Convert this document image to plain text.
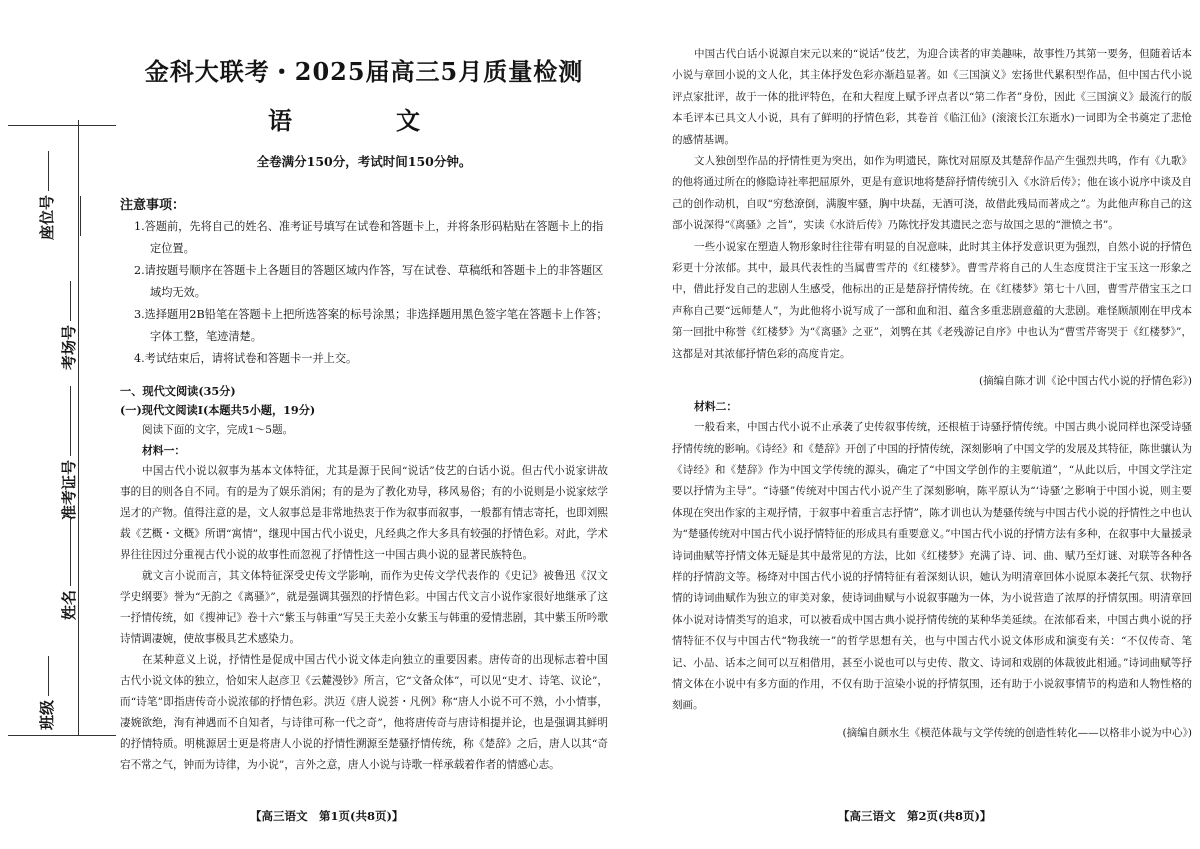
座位号
考场号
准考证号
姓名
班级
金科大联考・2025届高三5月质量检测
语　文
全卷满分150分，考试时间150分钟。
注意事项：

1.答题前，先将自己的姓名、准考证号填写在试卷和答题卡上，并将条形码粘贴在答题卡上的指定位置。

2.请按题号顺序在答题卡上各题目的答题区域内作答，写在试卷、草稿纸和答题卡上的非答题区域均无效。

3.选择题用2B铅笔在答题卡上把所选答案的标号涂黑；非选择题用黑色签字笔在答题卡上作答；字体工整，笔迹清楚。

4.考试结束后，请将试卷和答题卡一并上交。

一、现代文阅读(35分)

(一)现代文阅读Ⅰ(本题共5小题，19分)

阅读下面的文字，完成1～5题。

材料一：

中国古代小说以叙事为基本文体特征，尤其是源于民间“说话”伎艺的白话小说。但古代小说家讲故事的目的则各自不同。有的是为了娱乐消闲；有的是为了教化劝导，移风易俗；有的小说则是小说家炫学逞才的产物。值得注意的是，文人叙事总是非常地热衷于作为叙事而叙事，一般都有情志寄托，也即刘熙载《艺概・文概》所谓“寓情”，继现中国古代小说史，凡经典之作大多具有较强的抒情色彩。对此，学术界往往因过分重视古代小说的故事性而忽视了抒情性这一中国古典小说的显著民族特色。

就文言小说而言，其文体特征深受史传文学影响，而作为史传文学代表作的《史记》被鲁迅《汉文学史纲要》誉为“无韵之《离骚》”，就是强调其强烈的抒情色彩。中国古代文言小说作家很好地继承了这一抒情传统，如《搜神记》卷十六“紫玉与韩重”写吴王夫差小女紫玉与韩重的爱情悲剧，其中紫玉所吟歌诗情调凄婉，使故事极具艺术感染力。

在某种意义上说，抒情性是促成中国古代小说文体走向独立的重要因素。唐传奇的出现标志着中国古代小说文体的独立，恰如宋人赵彦卫《云麓漫钞》所言，它“文备众体”，可以见“史才、诗笔、议论”，而“诗笔”即指唐传奇小说浓郁的抒情色彩。洪迈《唐人说荟・凡例》称“唐人小说不可不熟，小小情事，凄婉欲绝，洵有神遇而不自知者，与诗律可称一代之奇”，他将唐传奇与唐诗相提并论，也是强调其鲜明的抒情特质。明桃源居士更是将唐人小说的抒情性溯源至楚骚抒情传统，称《楚辞》之后，唐人以其“奇宕不常之气，钟而为诗律，为小说”，言外之意，唐人小说与诗歌一样承载着作者的情感心志。

【高三语文　第1页(共8页)】

中国古代白话小说源自宋元以来的“说话”伎艺，为迎合读者的审美趣味，故事性乃其第一要务，但随着话本小说与章回小说的文人化，其主体抒发色彩亦渐趋显著。如《三国演义》宏扬世代累积型作品，但中国古代小说评点家批评，故于一体的批评特色，在和大程度上赋予评点者以“第二作者”身份，因此《三国演义》最流行的版本毛评本已具文人小说，具有了鲜明的抒情色彩，其卷首《临江仙》(滚滚长江东逝水)一词即为全书奠定了悲怆的感情基调。

文人独创型作品的抒情性更为突出，如作为明遗民，陈忱对屈原及其楚辞作品产生强烈共鸣，作有《九歌》的他将通过所在的修隐诗社率把屈原外，更是有意识地将楚辞抒情传统引入《水浒后传》；他在该小说序中谈及自己的创作动机，自叹“穷愁潦倒，满腹牢骚，胸中块磊，无酒可浇，故借此残局而著成之”。为此他声称自己的这部小说深得“《离骚》之旨”，实读《水浒后传》乃陈忱抒发其遗民之恋与故国之思的“泄愤之书”。

一些小说家在塑造人物形象时往往带有明显的自况意味，此时其主体抒发意识更为强烈，自然小说的抒情色彩更十分浓郁。其中，最具代表性的当属曹雪芹的《红楼梦》。曹雪芹将自己的人生态度贯注于宝玉这一形象之中，借此抒发自己的悲剧人生感受，他标出的正是楚辞抒情传统。在《红楼梦》第七十八回，曹雪芹借宝玉之口声称自己要“远师楚人”，为此他将小说写成了一部和血和泪、蕴含多重悲剧意蕴的大悲剧。难怪顾颉刚在甲戌本第一回批中称誉《红楼梦》为“《离骚》之亚”，刘鹗在其《老残游记自序》中也认为“曹雪芹寄哭于《红楼梦》”，这都是对其浓郁抒情色彩的高度肯定。

(摘编自陈才训《论中国古代小说的抒情色彩》)

材料二：

一般看来，中国古代小说不止承袭了史传叙事传统，还根植于诗骚抒情传统。中国古典小说同样也深受诗骚抒情传统的影响。《诗经》和《楚辞》开创了中国的抒情传统，深刻影响了中国文学的发展及其特征，陈世骧认为《诗经》和《楚辞》作为中国文学传统的源头，确定了“中国文学创作的主要航道”，“从此以后，中国文学注定要以抒情为主导”。“诗骚”传统对中国古代小说产生了深刻影响，陈平原认为“‘诗骚’之影响于中国小说，则主要体现在突出作家的主观抒情，于叙事中着重言志抒情”，陈才训也认为楚骚传统与中国古代小说的抒情性之中也认为“楚骚传统对中国古代小说抒情特征的形成具有重要意义。”中国古代小说的抒情方法有多种，在叙事中大量援录诗词曲赋等抒情文体无疑是其中最常见的方法，比如《红楼梦》充满了诗、词、曲、赋乃至灯谜、对联等各种各样的抒情韵文等。杨绛对中国古代小说的抒情特征有着深刻认识，她认为明清章回体小说原本袭托气氛、状物抒情的诗词曲赋作为独立的审美对象，使诗词曲赋与小说叙事融为一体，为小说营造了浓厚的抒情氛围。明清章回体小说对诗情类写的追求，可以被看成中国古典小说抒情传统的某种华美延续。在浓郁看来，中国古典小说的抒情特征不仅与中国古代“物我统一”的哲学思想有关，也与中国古代小说文体形成和演变有关：“不仅传奇、笔记、小品、话本之间可以互相借用，甚至小说也可以与史传、散文、诗词和戏剧的体裁彼此相通。”诗词曲赋等抒情文体在小说中有多方面的作用，不仅有助于渲染小说的抒情氛围，还有助于小说叙事情节的构造和人物性格的刻画。

(摘编自颜水生《模范体裁与文学传统的创造性转化——以格非小说为中心》)

【高三语文　第2页(共8页)】
